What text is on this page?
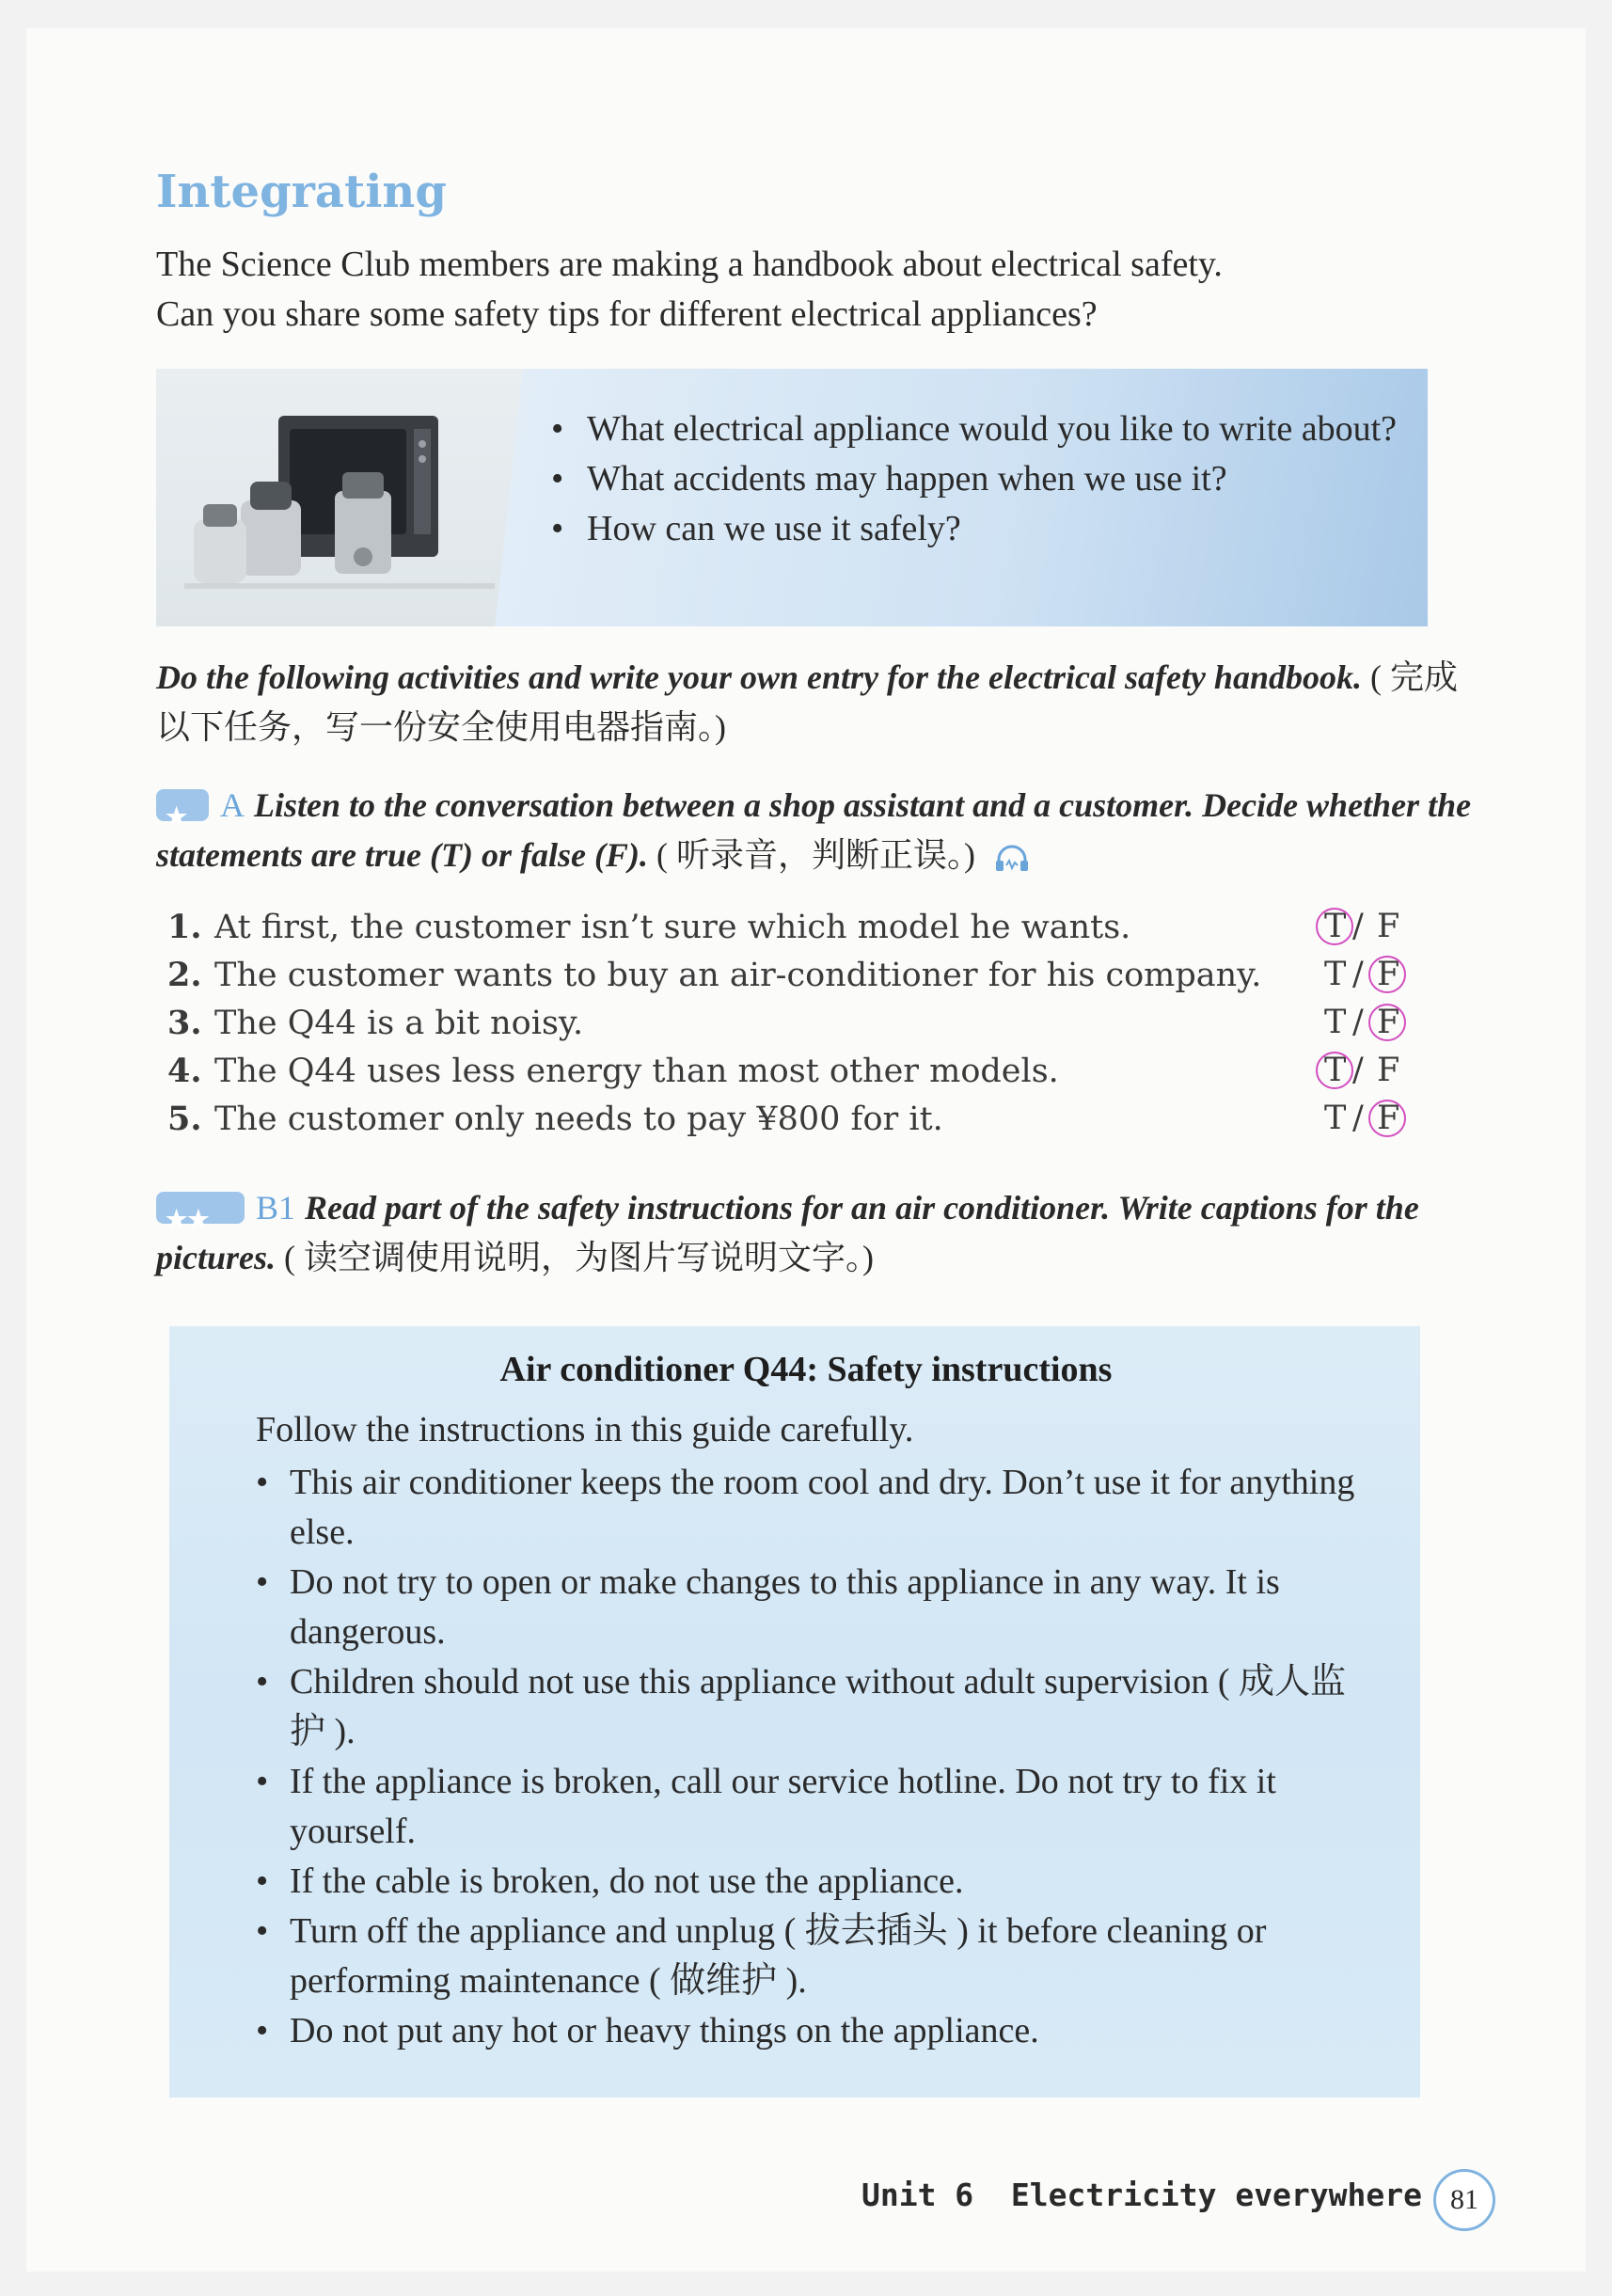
Integrating

The Science Club members are making a handbook about electrical safety.

Can you share some safety tips for different electrical appliances?

• What electrical appliance would you like to write about?
• What accidents may happen when we use it?
• How can we use it safely?
Do the following activities and write your own entry for the electrical safety handbook. ( 完成以下任务，写一份安全使用电器指南。)
★ A Listen to the conversation between a shop assistant and a customer. Decide whether the statements are true (T) or false (F). ( 听录音，判断正误。)
1. At first, the customer isn’t sure which model he wants.	T / F
2. The customer wants to buy an air-conditioner for his company. T / F
3. The Q44 is a bit noisy.	T / F
4. The Q44 uses less energy than most other models.	T / F
5. The customer only needs to pay ¥800 for it.	T / F
★★ B1 Read part of the safety instructions for an air conditioner. Write captions for the pictures. ( 读空调使用说明，为图片写说明文字。)
Air conditioner Q44: Safety instructions

Follow the instructions in this guide carefully.

• This air conditioner keeps the room cool and dry. Don’t use it for anything else.
• Do not try to open or make changes to this appliance in any way. It is dangerous.
• Children should not use this appliance without adult supervision ( 成人监护 ).
• If the appliance is broken, call our service hotline. Do not try to fix it yourself.
• If the cable is broken, do not use the appliance.
• Turn off the appliance and unplug ( 拔去插头 ) it before cleaning or performing maintenance ( 做维护 ).
• Do not put any hot or heavy things on the appliance.
Unit 6  Electricity everywhere	81
